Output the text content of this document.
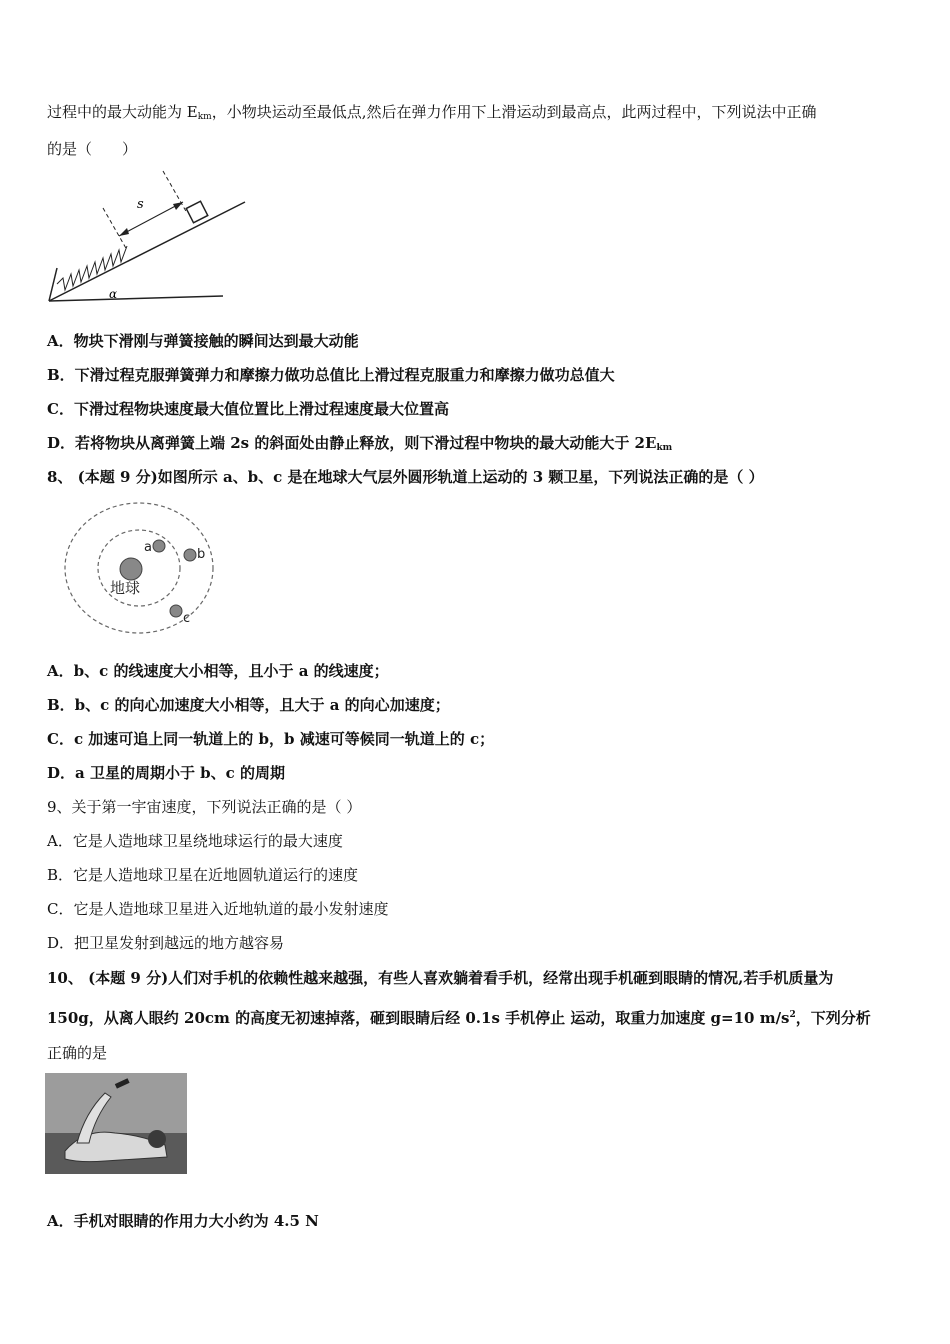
过程中的最大动能为 $E_{km}$，小物块运动至最低点,然后在弹力作用下上滑运动到最高点，此两过程中，下列说法中正确
的是（　　）
s
α
A．物块下滑刚与弹簧接触的瞬间达到最大动能
B．下滑过程克服弹簧弹力和摩擦力做功总值比上滑过程克服重力和摩擦力做功总值大
C．下滑过程物块速度最大值位置比上滑过程速度最大位置高
D．若将物块从离弹簧上端 2s 的斜面处由静止释放，则下滑过程中物块的最大动能大于 $2E_{km}$
8、 (本题 9 分)如图所示 a、b、c 是在地球大气层外圆形轨道上运动的 3 颗卫星，下列说法正确的是（ ）
地球
a	b
c
A．b、c 的线速度大小相等，且小于 a 的线速度；
B．b、c 的向心加速度大小相等，且大于 a 的向心加速度；
C．c 加速可追上同一轨道上的 b，b 减速可等候同一轨道上的 c；
D．a 卫星的周期小于 b、c 的周期
9、关于第一宇宙速度，下列说法正确的是（ ）
A．它是人造地球卫星绕地球运行的最大速度
B．它是人造地球卫星在近地圆轨道运行的速度
C．它是人造地球卫星进入近地轨道的最小发射速度
D．把卫星发射到越远的地方越容易
10、 (本题 9 分)人们对手机的依赖性越来越强，有些人喜欢躺着看手机，经常出现手机砸到眼睛的情况,若手机质量为
150g，从离人眼约 20cm 的高度无初速掉落，砸到眼睛后经 0.1s 手机停止 运动，取重力加速度 g=10 $m/s^2$，下列分析
正确的是
A．手机对眼睛的作用力大小约为 4.5 N
